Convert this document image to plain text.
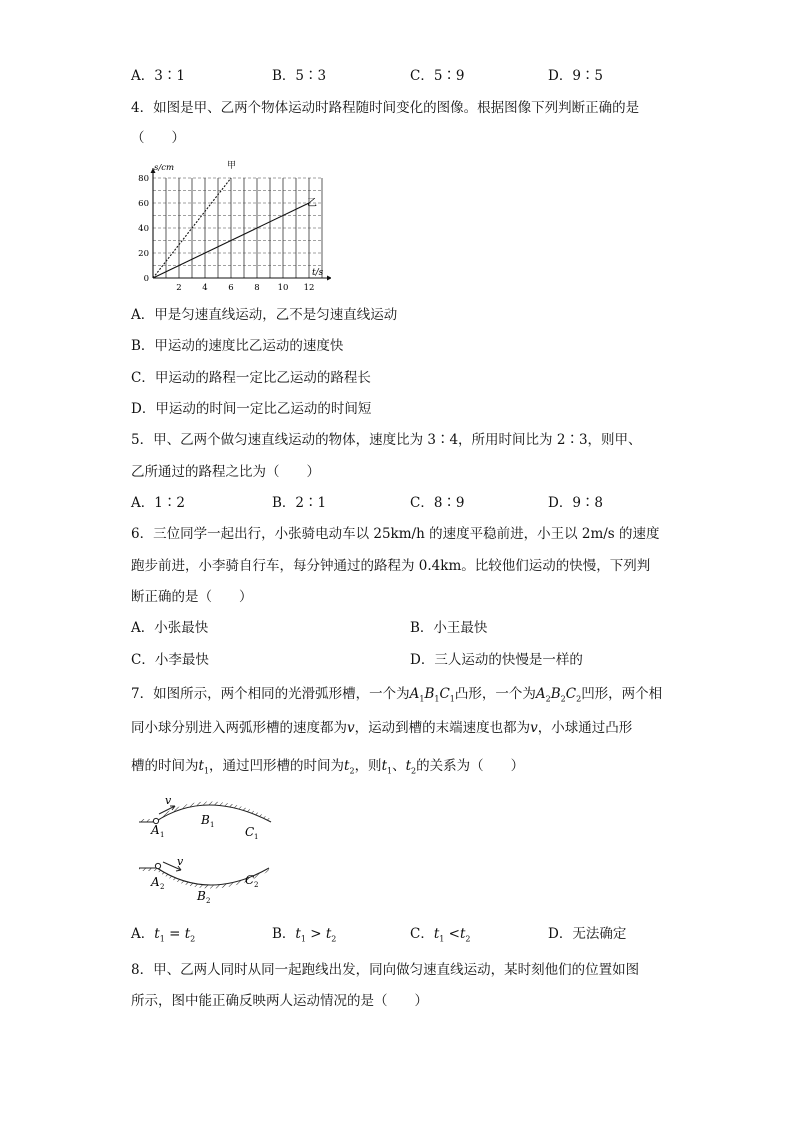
A．3∶1	B．5∶3	C．5∶9	D．9∶5
4．如图是甲、乙两个物体运动时路程随时间变化的图像。根据图像下列判断正确的是
（　　）
2 4 6 8 10 12
0
20
40
60
80
s/cm
t/s
甲
乙
A．甲是匀速直线运动，乙不是匀速直线运动
B．甲运动的速度比乙运动的速度快
C．甲运动的路程一定比乙运动的路程长
D．甲运动的时间一定比乙运动的时间短
5．甲、乙两个做匀速直线运动的物体，速度比为 3∶4，所用时间比为 2∶3，则甲、
乙所通过的路程之比为（　　）
A．1∶2	B．2∶1	C．8∶9	D．9∶8
6．三位同学一起出行，小张骑电动车以 25km/h 的速度平稳前进，小王以 2m/s 的速度
跑步前进，小李骑自行车，每分钟通过的路程为 0.4km。比较他们运动的快慢，下列判
断正确的是（　　）
A．小张最快	B．小王最快
C．小李最快	D．三人运动的快慢是一样的
7．如图所示，两个相同的光滑弧形槽，一个为$A_1B_1C_1$凸形，一个为$A_2B_2C_2$凹形，两个相
同小球分别进入两弧形槽的速度都为v，运动到槽的末端速度也都为v，小球通过凸形
槽的时间为$t_1$，通过凹形槽的时间为$t_2$，则$t_1$、$t_2$的关系为（　　）
v
A 1
B 1	C 1
v
A 2
B 2
C 2
A．$t_1 = t_2$	B．$t_1 > t_2$	C．$t_1 <t_2$	D．无法确定
8．甲、乙两人同时从同一起跑线出发，同向做匀速直线运动，某时刻他们的位置如图
所示，图中能正确反映两人运动情况的是（　　）
